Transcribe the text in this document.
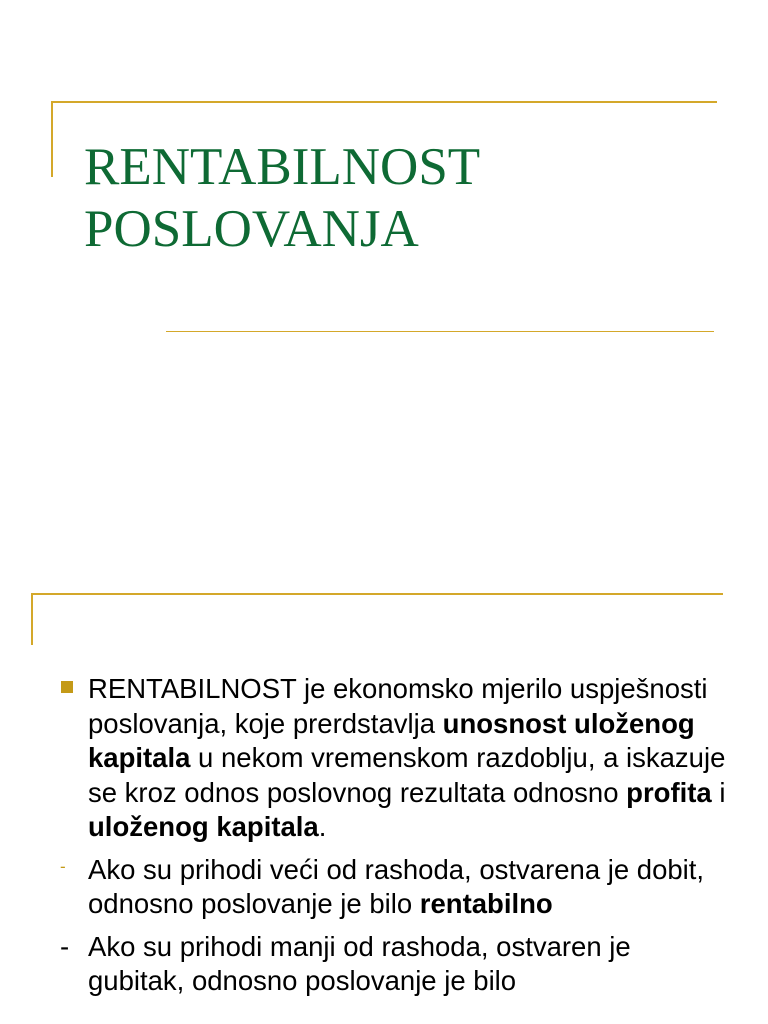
RENTABILNOST
POSLOVANJA

RENTABILNOST je ekonomsko mjerilo uspješnosti poslovanja, koje prerdstavlja unosnost uloženog kapitala u nekom vremenskom razdoblju, a iskazuje se kroz odnos poslovnog rezultata odnosno profita i uloženog kapitala.

- Ako su prihodi veći od rashoda, ostvarena je dobit, odnosno poslovanje je bilo rentabilno

- Ako su prihodi manji od rashoda, ostvaren je gubitak, odnosno poslovanje je bilo
